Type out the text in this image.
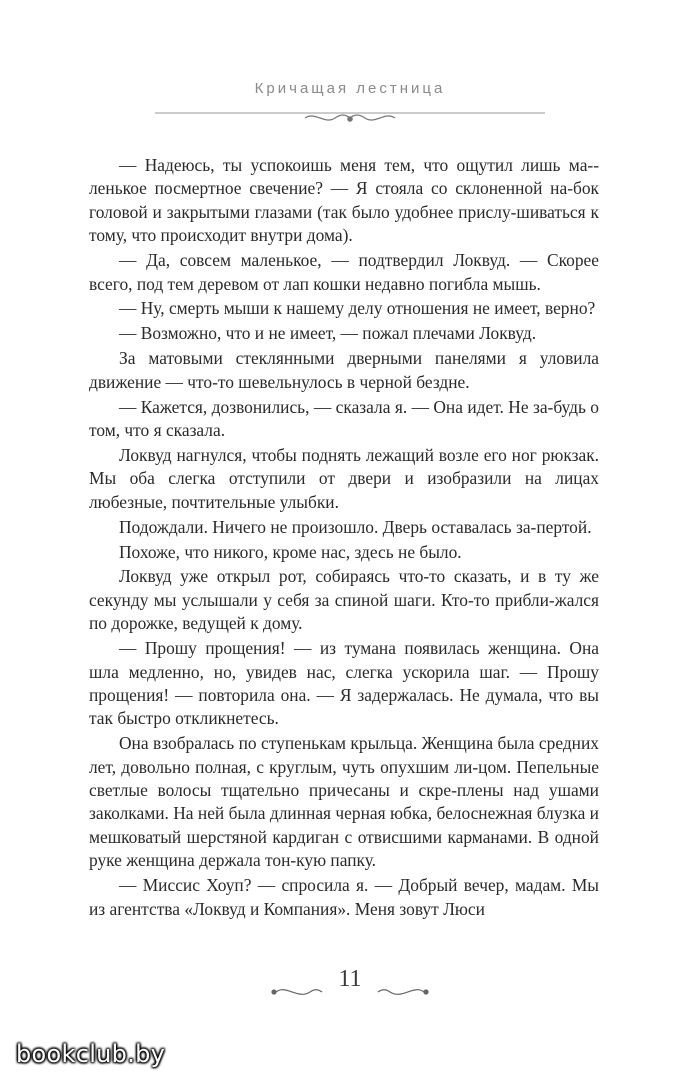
Кричащая лестница

— Надеюсь, ты успокоишь меня тем, что ощутил лишь ма-ленькое посмертное свечение? — Я стояла со склоненной на-бок головой и закрытыми глазами (так было удобнее прислу-шиваться к тому, что происходит внутри дома).

— Да, совсем маленькое, — подтвердил Локвуд. — Скорее всего, под тем деревом от лап кошки недавно погибла мышь.

— Ну, смерть мыши к нашему делу отношения не имеет, верно?

— Возможно, что и не имеет, — пожал плечами Локвуд.

За матовыми стеклянными дверными панелями я уловила движение — что-то шевельнулось в черной бездне.

— Кажется, дозвонились, — сказала я. — Она идет. Не за-будь о том, что я сказала.

Локвуд нагнулся, чтобы поднять лежащий возле его ног рюкзак. Мы оба слегка отступили от двери и изобразили на лицах любезные, почтительные улыбки.

Подождали. Ничего не произошло. Дверь оставалась за-пертой.

Похоже, что никого, кроме нас, здесь не было.

Локвуд уже открыл рот, собираясь что-то сказать, и в ту же секунду мы услышали у себя за спиной шаги. Кто-то прибли-жался по дорожке, ведущей к дому.

— Прошу прощения! — из тумана появилась женщина. Она шла медленно, но, увидев нас, слегка ускорила шаг. — Прошу прощения! — повторила она. — Я задержалась. Не думала, что вы так быстро откликнетесь.

Она взобралась по ступенькам крыльца. Женщина была средних лет, довольно полная, с круглым, чуть опухшим ли-цом. Пепельные светлые волосы тщательно причесаны и скре-плены над ушами заколками. На ней была длинная черная юбка, белоснежная блузка и мешковатый шерстяной кардиган с отвисшими карманами. В одной руке женщина держала тон-кую папку.

— Миссис Хоуп? — спросила я. — Добрый вечер, мадам. Мы из агентства «Локвуд и Компания». Меня зовут Люси

11
bookclub.by
